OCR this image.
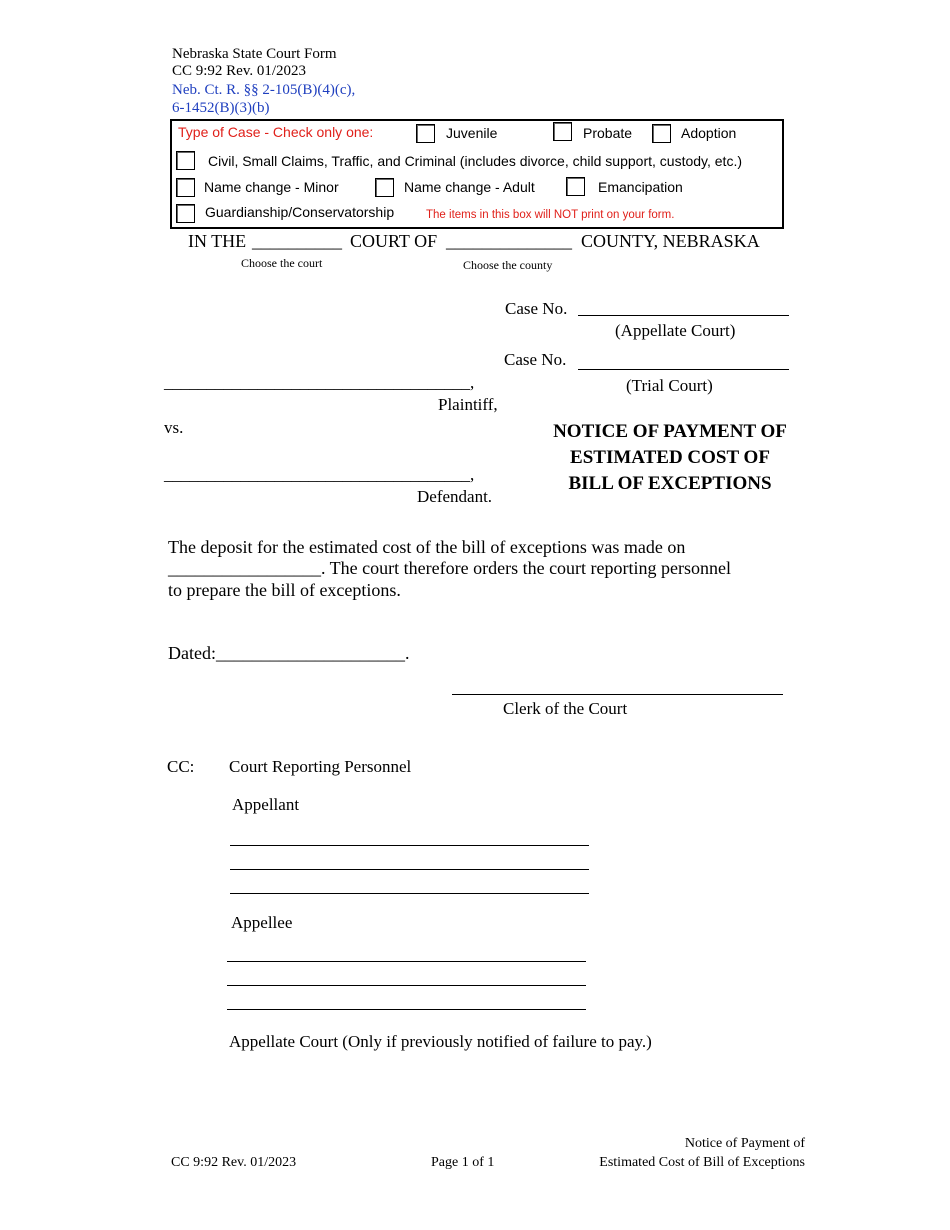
Nebraska State Court Form
CC 9:92 Rev. 01/2023
Neb. Ct. R. §§ 2-105(B)(4)(c),
6-1452(B)(3)(b)
Type of Case - Check only one:	Juvenile	Probate	Adoption
Civil, Small Claims, Traffic, and Criminal (includes divorce, child support, custody, etc.)
Name change - Minor	Name change - Adult	Emancipation
Guardianship/Conservatorship	The items in this box will NOT print on your form.
IN THE __________ COURT OF ______________ COUNTY, NEBRASKA
Choose the court	Choose the county
Case No.
(Appellate Court)
Case No.
(Trial Court)
____________________________________,
Plaintiff,
vs.
____________________________________,
Defendant.
NOTICE OF PAYMENT OF
ESTIMATED COST OF
BILL OF EXCEPTIONS
The deposit for the estimated cost of the bill of exceptions was made on
_________________. The court therefore orders the court reporting personnel
to prepare the bill of exceptions.
Dated: _____________________.
Clerk of the Court
CC: Court Reporting Personnel
Appellant
Appellee
Appellate Court (Only if previously notified of failure to pay.)
CC 9:92 Rev. 01/2023	Page 1 of 1
Notice of Payment of
Estimated Cost of Bill of Exceptions
